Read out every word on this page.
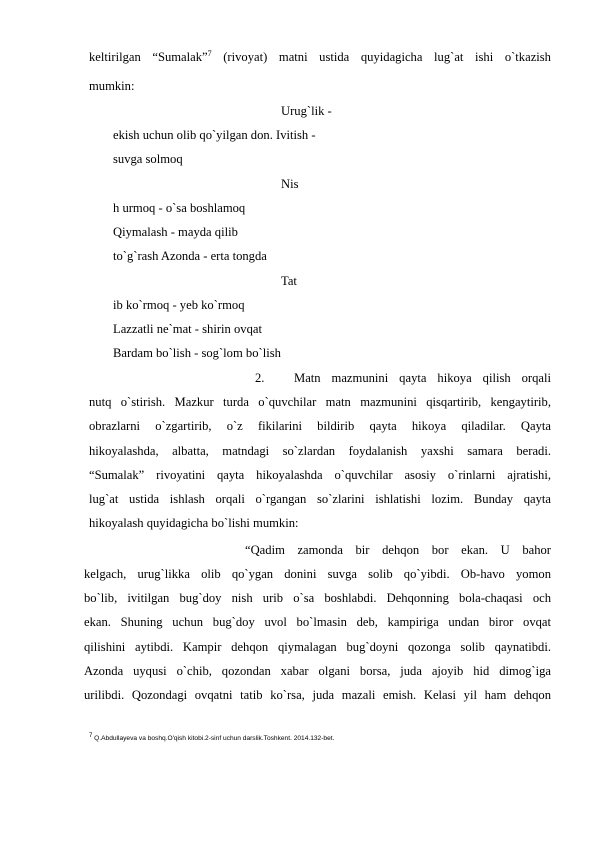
keltirilgan “Sumalak”$^7$ (rivoyat) matni ustida quyidagicha lug`at ishi o`tkazish
mumkin:
Urug`lik -
ekish uchun olib qo`yilgan don. Ivitish -
suvga solmoq
Nis
h urmoq - o`sa boshlamoq
Qiymalash - mayda qilib
to`g`rash Azonda - erta tongda
Tat
ib ko`rmoq - yeb ko`rmoq
Lazzatli ne`mat - shirin ovqat
Bardam bo`lish - sog`lom bo`lish
2. Matn mazmunini qayta hikoya qilish orqali
nutq o`stirish. Mazkur turda o`quvchilar matn mazmunini qisqartirib, kengaytirib,
obrazlarni o`zgartirib, o`z fikilarini bildirib qayta hikoya qiladilar. Qayta
hikoyalashda, albatta, matndagi so`zlardan foydalanish yaxshi samara beradi.
“Sumalak” rivoyatini qayta hikoyalashda o`quvchilar asosiy o`rinlarni ajratishi,
lug`at ustida ishlash orqali o`rgangan so`zlarini ishlatishi lozim. Bunday qayta
hikoyalash quyidagicha bo`lishi mumkin:
“Qadim zamonda bir dehqon bor ekan. U bahor
kelgach, urug`likka olib qo`ygan donini suvga solib qo`yibdi. Ob-havo yomon
bo`lib, ivitilgan bug`doy nish urib o`sa boshlabdi. Dehqonning bola-chaqasi och
ekan. Shuning uchun bug`doy uvol bo`lmasin deb, kampiriga undan biror ovqat
qilishini aytibdi. Kampir dehqon qiymalagan bug`doyni qozonga solib qaynatibdi.
Azonda uyqusi o`chib, qozondan xabar olgani borsa, juda ajoyib hid dimog`iga
urilibdi. Qozondagi ovqatni tatib ko`rsa, juda mazali emish. Kelasi yil ham dehqon
7 Q.Abdullayeva va boshq.O'qish kitobi.2-sinf uchun darslik.Toshkent. 2014.132-bet.
